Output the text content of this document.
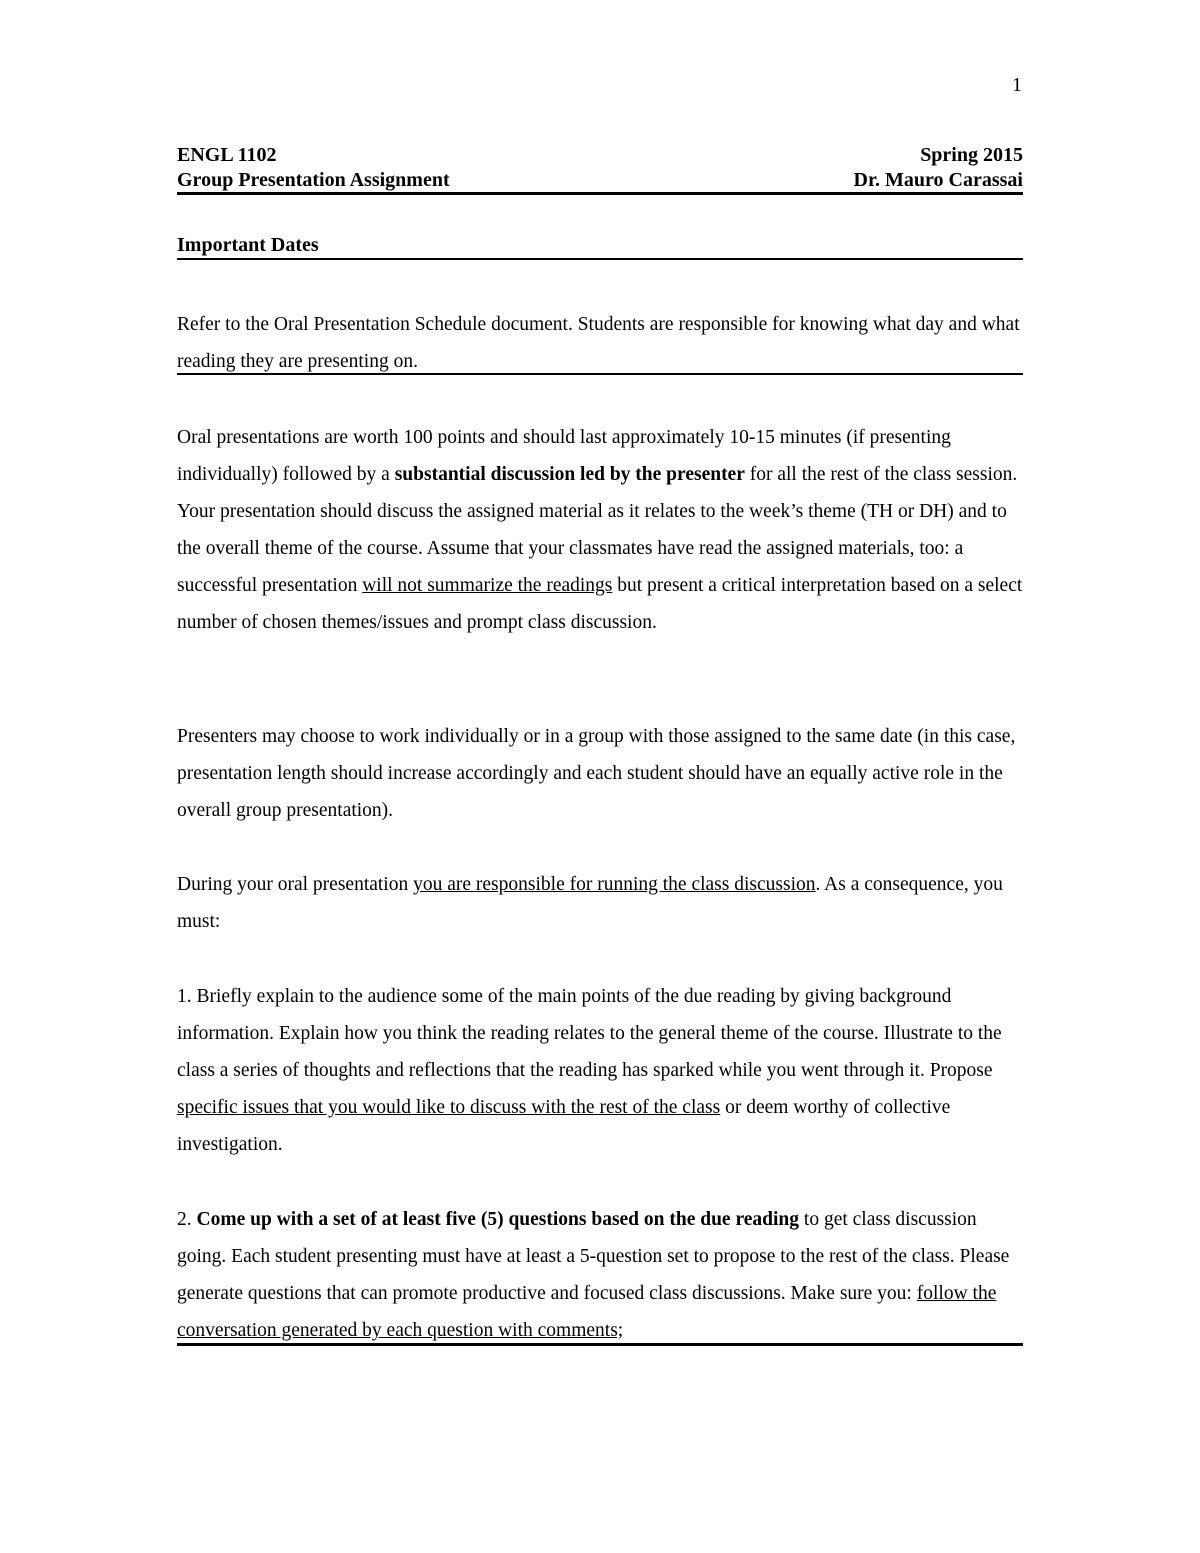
1
ENGL 1102	Spring 2015
Group Presentation Assignment	Dr. Mauro Carassai
Important Dates

Refer to the Oral Presentation Schedule document. Students are responsible for knowing what day and what reading they are presenting on.

Oral presentations are worth 100 points and should last approximately 10-15 minutes (if presenting individually) followed by a substantial discussion led by the presenter for all the rest of the class session. Your presentation should discuss the assigned material as it relates to the week’s theme (TH or DH) and to the overall theme of the course. Assume that your classmates have read the assigned materials, too: a successful presentation will not summarize the readings but present a critical interpretation based on a select number of chosen themes/issues and prompt class discussion.

Presenters may choose to work individually or in a group with those assigned to the same date (in this case, presentation length should increase accordingly and each student should have an equally active role in the overall group presentation).

During your oral presentation you are responsible for running the class discussion. As a consequence, you must:

1. Briefly explain to the audience some of the main points of the due reading by giving background information. Explain how you think the reading relates to the general theme of the course. Illustrate to the class a series of thoughts and reflections that the reading has sparked while you went through it. Propose specific issues that you would like to discuss with the rest of the class or deem worthy of collective investigation.

2. Come up with a set of at least five (5) questions based on the due reading to get class discussion going. Each student presenting must have at least a 5-question set to propose to the rest of the class. Please generate questions that can promote productive and focused class discussions. Make sure you: follow the conversation generated by each question with comments;
